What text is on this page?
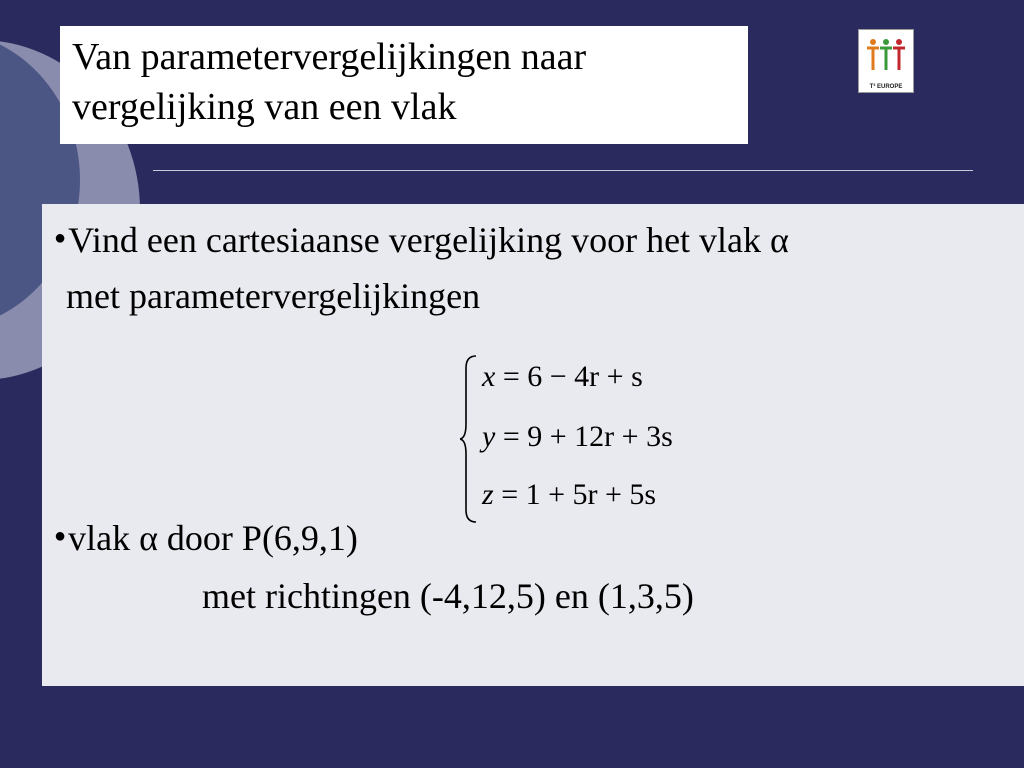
Van parametervergelijkingen naar
vergelijking van een vlak	T³ EUROPE
●Vind een cartesiaanse vergelijking voor het vlak α
met parametervergelijkingen
x = 6 − 4r + s
y = 9 + 12r + 3s
z = 1 + 5r + 5s
●vlak α door P(6,9,1)
met richtingen (-4,12,5) en (1,3,5)
